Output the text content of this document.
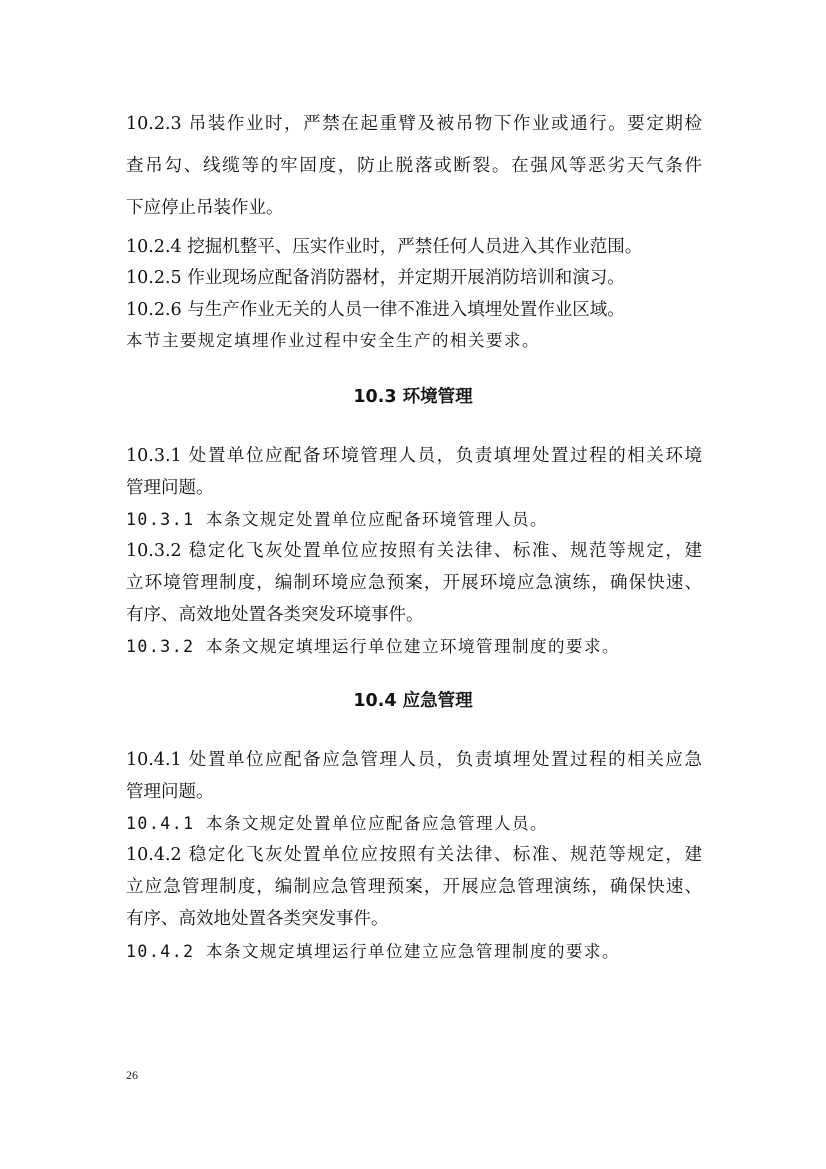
10.2.3 吊装作业时，严禁在起重臂及被吊物下作业或通行。要定期检
查吊勾、线缆等的牢固度，防止脱落或断裂。在强风等恶劣天气条件
下应停止吊装作业。
10.2.4 挖掘机整平、压实作业时，严禁任何人员进入其作业范围。
10.2.5 作业现场应配备消防器材，并定期开展消防培训和演习。
10.2.6 与生产作业无关的人员一律不准进入填埋处置作业区域。
本节主要规定填埋作业过程中安全生产的相关要求。
10.3 环境管理
10.3.1 处置单位应配备环境管理人员，负责填埋处置过程的相关环境
管理问题。
10.3.1 本条文规定处置单位应配备环境管理人员。
10.3.2 稳定化飞灰处置单位应按照有关法律、标准、规范等规定，建
立环境管理制度，编制环境应急预案，开展环境应急演练，确保快速、
有序、高效地处置各类突发环境事件。
10.3.2 本条文规定填埋运行单位建立环境管理制度的要求。
10.4 应急管理
10.4.1 处置单位应配备应急管理人员，负责填埋处置过程的相关应急
管理问题。
10.4.1 本条文规定处置单位应配备应急管理人员。
10.4.2 稳定化飞灰处置单位应按照有关法律、标准、规范等规定，建
立应急管理制度，编制应急管理预案，开展应急管理演练，确保快速、
有序、高效地处置各类突发事件。
10.4.2 本条文规定填埋运行单位建立应急管理制度的要求。
26
